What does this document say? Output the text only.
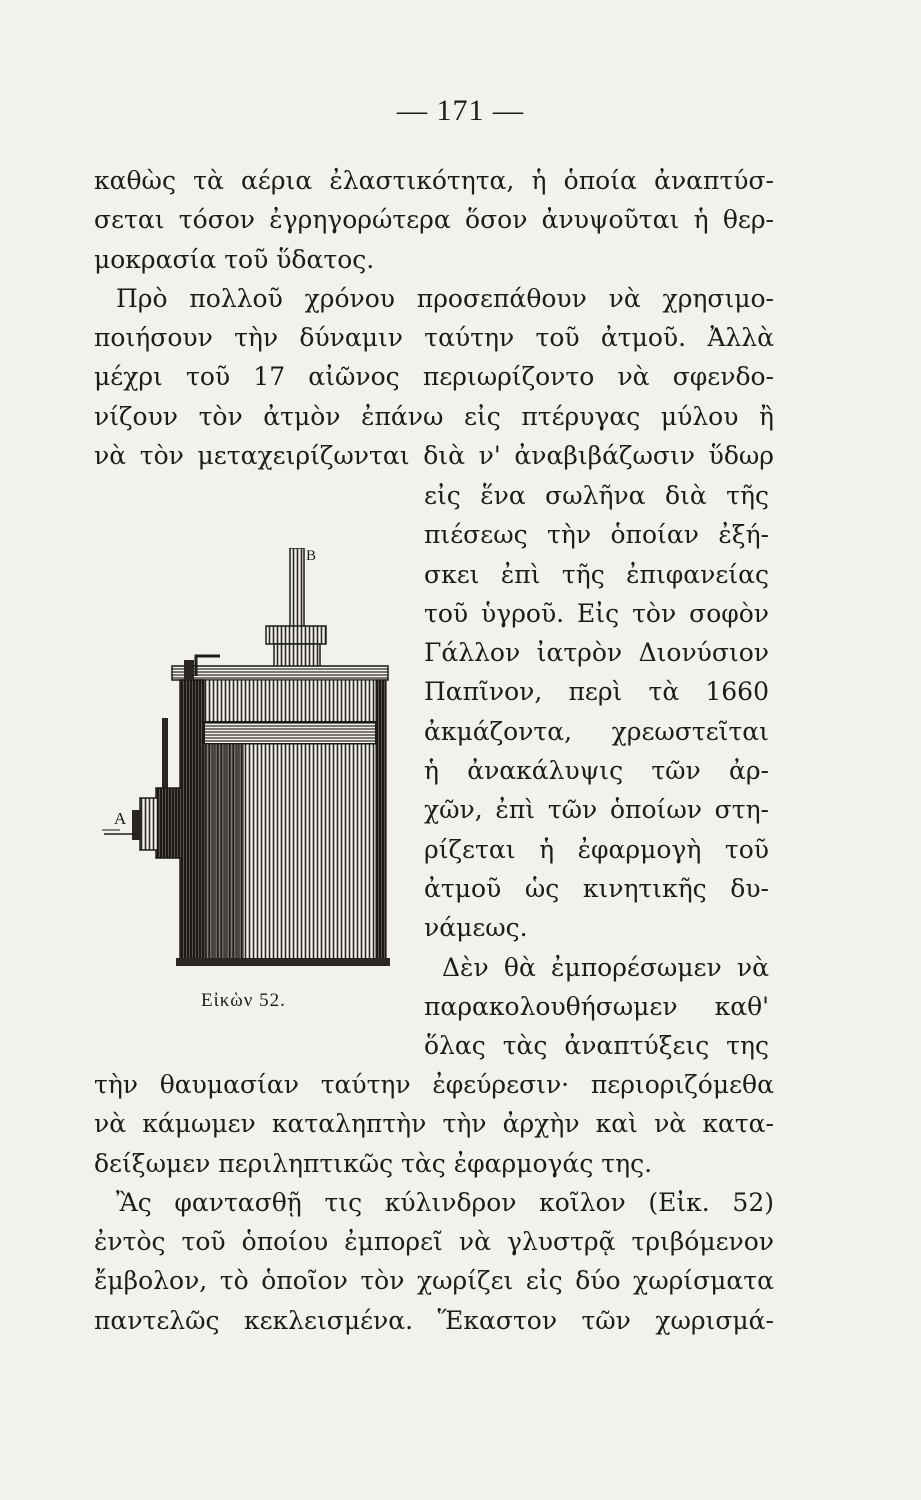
— 171 —
καθὼς τὰ αέρια ἐλαστικότητα, ἡ ὁποία ἀναπτύσ-
σεται τόσον ἐγρηγορώτερα ὅσον ἀνυψοῦται ἡ θερ-
μοκρασία τοῦ ὕδατος.
Πρὸ πολλοῦ χρόνου προσεπάθουν νὰ χρησιμο-
ποιήσουν τὴν δύναμιν ταύτην τοῦ ἀτμοῦ. Ἀλλὰ
μέχρι τοῦ 17 αἰῶνος περιωρίζοντο νὰ σφενδο-
νίζουν τὸν ἀτμὸν ἐπάνω εἰς πτέρυγας μύλου ἢ
νὰ τὸν μεταχειρίζωνται διὰ ν' ἀναβιβάζωσιν ὕδωρ
εἰς ἕνα σωλῆνα διὰ τῆς
πιέσεως τὴν ὁποίαν ἐξή-
σκει ἐπὶ τῆς ἐπιφανείας
τοῦ ὑγροῦ. Εἰς τὸν σοφὸν
Γάλλον ἰατρὸν Διονύσιον
Παπῖνον, περὶ τὰ 1660
ἀκμάζοντα, χρεωστεῖται
ἡ ἀνακάλυψις τῶν ἀρ-
χῶν, ἐπὶ τῶν ὁποίων στη-
ρίζεται ἡ ἐφαρμογὴ τοῦ
ἀτμοῦ ὡς κινητικῆς δυ-
νάμεως.
Δὲν θὰ ἐμπορέσωμεν νὰ
παρακολουθήσωμεν καθ'
ὅλας τὰς ἀναπτύξεις της
B
A
Εἰκὼν 52.
τὴν θαυμασίαν ταύτην ἐφεύρεσιν· περιοριζόμεθα
νὰ κάμωμεν καταληπτὴν τὴν ἀρχὴν καὶ νὰ κατα-
δείξωμεν περιληπτικῶς τὰς ἐφαρμογάς της.
Ἂς φαντασθῇ τις κύλινδρον κοῖλον (Εἰκ. 52)
ἐντὸς τοῦ ὁποίου ἐμπορεῖ νὰ γλυστρᾷ τριβόμενον
ἔμβολον, τὸ ὁποῖον τὸν χωρίζει εἰς δύο χωρίσματα
παντελῶς κεκλεισμένα. Ἕκαστον τῶν χωρισμά-
